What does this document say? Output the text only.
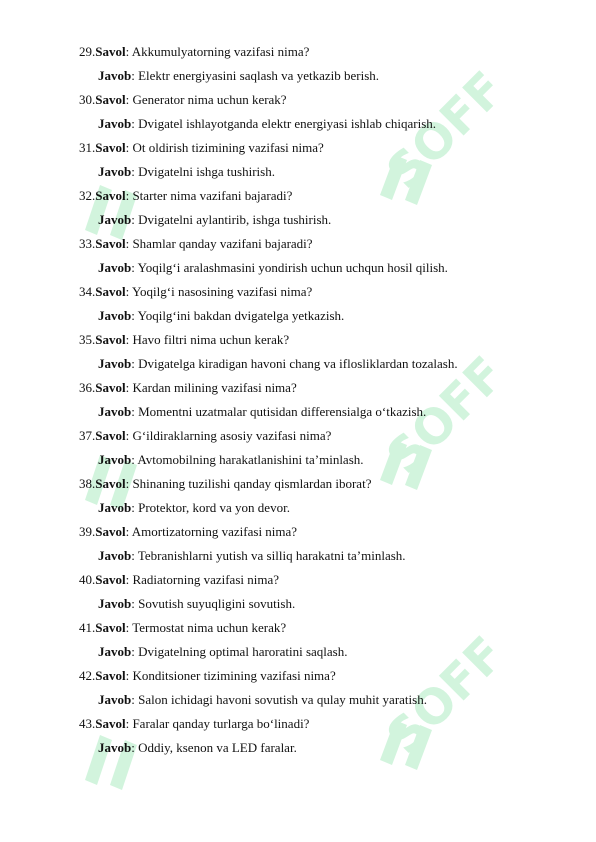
SOFF
SOFF
SOFF
29.Savol: Akkumulyatorning vazifasi nima?
Javob: Elektr energiyasini saqlash va yetkazib berish.
30.Savol: Generator nima uchun kerak?
Javob: Dvigatel ishlayotganda elektr energiyasi ishlab chiqarish.
31.Savol: Ot oldirish tizimining vazifasi nima?
Javob: Dvigatelni ishga tushirish.
32.Savol: Starter nima vazifani bajaradi?
Javob: Dvigatelni aylantirib, ishga tushirish.
33.Savol: Shamlar qanday vazifani bajaradi?
Javob: Yoqilg‘i aralashmasini yondirish uchun uchqun hosil qilish.
34.Savol: Yoqilg‘i nasosining vazifasi nima?
Javob: Yoqilg‘ini bakdan dvigatelga yetkazish.
35.Savol: Havo filtri nima uchun kerak?
Javob: Dvigatelga kiradigan havoni chang va iflosliklardan tozalash.
36.Savol: Kardan milining vazifasi nima?
Javob: Momentni uzatmalar qutisidan differensialga o‘tkazish.
37.Savol: G‘ildiraklarning asosiy vazifasi nima?
Javob: Avtomobilning harakatlanishini ta’minlash.
38.Savol: Shinaning tuzilishi qanday qismlardan iborat?
Javob: Protektor, kord va yon devor.
39.Savol: Amortizatorning vazifasi nima?
Javob: Tebranishlarni yutish va silliq harakatni ta’minlash.
40.Savol: Radiatorning vazifasi nima?
Javob: Sovutish suyuqligini sovutish.
41.Savol: Termostat nima uchun kerak?
Javob: Dvigatelning optimal haroratini saqlash.
42.Savol: Konditsioner tizimining vazifasi nima?
Javob: Salon ichidagi havoni sovutish va qulay muhit yaratish.
43.Savol: Faralar qanday turlarga bo‘linadi?
Javob: Oddiy, ksenon va LED faralar.
